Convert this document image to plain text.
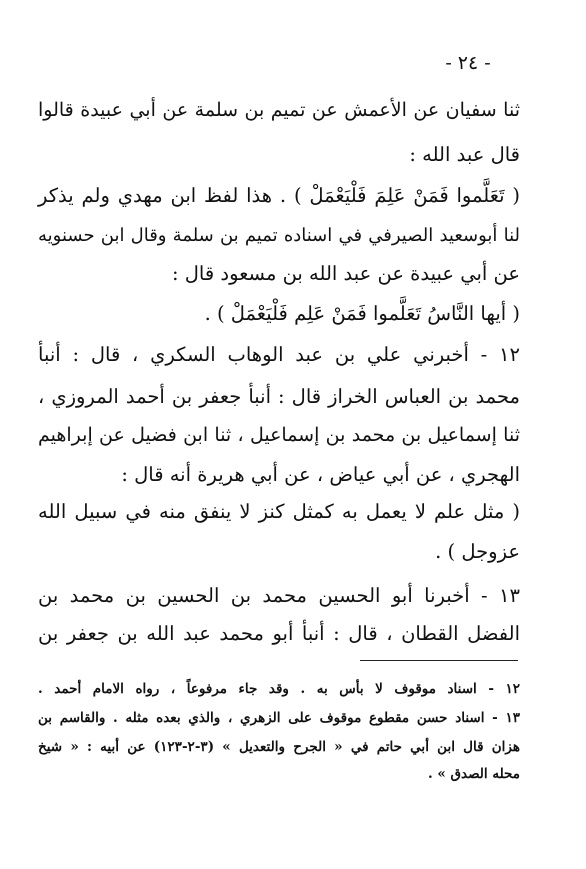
- ٢٤ -
ثنا سفيان عن الأعمش عن تميم بن سلمة عن أبي عبيدة قالوا
قال عبد الله :
( تَعَلَّموا فَمَنْ عَلِمَ فَلْيَعْمَلْ ) . هذا لفظ ابن مهدي ولم يذكر
لنا أبوسعيد الصيرفي في اسناده تميم بن سلمة وقال ابن حسنويه
عن أبي عبيدة عن عبد الله بن مسعود قال :
( أيها النَّاسُ تَعَلَّموا فَمَنْ عَلِم فَلْيَعْمَلْ ) .
١٢ - أخبرني علي بن عبد الوهاب السكري ، قال : أنبأ
محمد بن العباس الخراز قال : أنبأ جعفر بن أحمد المروزي ،
ثنا إسماعيل بن محمد بن إسماعيل ، ثنا ابن فضيل عن إبراهيم
الهجري ، عن أبي عياض ، عن أبي هريرة أنه قال :
( مثل علم لا يعمل به كمثل كنز لا ينفق منه في سبيل الله
عزوجل ) .
١٣ - أخبرنا أبو الحسين محمد بن الحسين بن محمد بن
الفضل القطان ، قال : أنبأ أبو محمد عبد الله بن جعفر بن
١٢ - اسناد موقوف لا بأس به . وقد جاء مرفوعاً ، رواه الامام أحمد .
١٣ - اسناد حسن مقطوع موقوف على الزهري ، والذي بعده مثله . والقاسم بن
هزان قال ابن أبي حاتم في « الجرح والتعديل » (٣-٢-١٢٣) عن أبيه : « شيخ
محله الصدق » .
